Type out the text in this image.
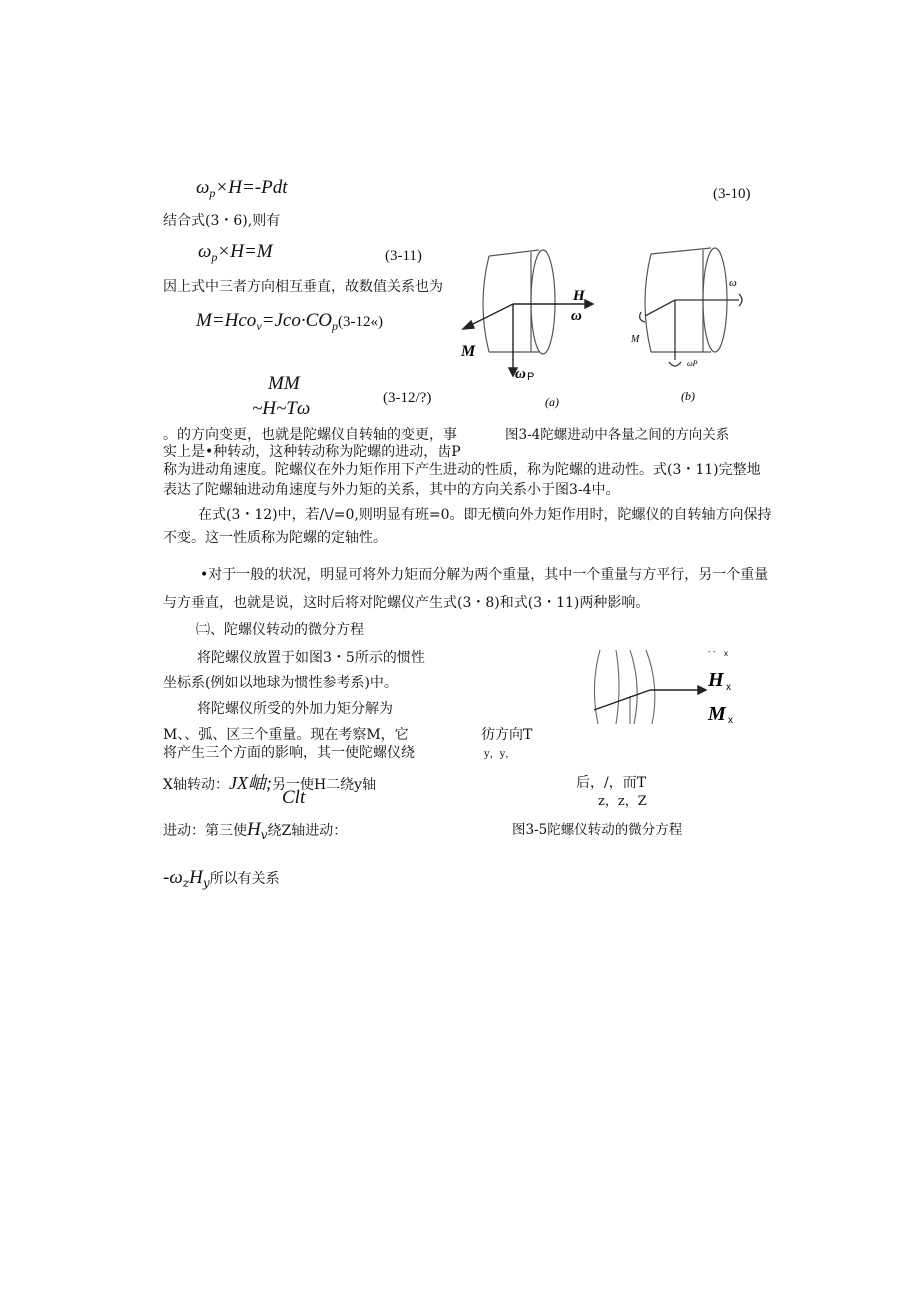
$\omega_p\times H=$-Pdt	(3-10)
结合式(3・6),则有
$\omega_p\times H=M$	(3-11)
因上式中三者方向相互垂直，故数值关系也为
$M=Hco_v=Jco\cdot CO_p(3-12«)$
MM
~H~Tω	(3-12/?)
。的方向变更，也就是陀螺仪自转轴的变更，事
实上是•种转动，这种转动称为陀螺的进动，齿P
称为进动角速度。陀螺仪在外力矩作用下产生进动的性质，称为陀螺的进动性。式(3・11)完整地
表达了陀螺轴进动角速度与外力矩的关系，其中的方向关系小于图3-4中。
在式(3・12)中，若/\/=0,则明显有班=0。即无横向外力矩作用时，陀螺仪的自转轴方向保持
不变。这一性质称为陀螺的定轴性。
•对于一般的状况，明显可将外力矩而分解为两个重量，其中一个重量与方平行，另一个重量
与方垂直，也就是说，这时后将对陀螺仪产生式(3・8)和式(3・11)两种影响。
㈡、陀螺仪转动的微分方程
将陀螺仪放置于如图3・5所示的惯性
坐标系(例如以地球为惯性参考系)中。
将陀螺仪所受的外加力矩分解为
M、、弧、区三个重量。现在考察M，它
将产生三个方面的影响，其一使陀螺仪绕
X轴转动：JX岫;另一使H二绕y轴
Clt
进动：第三使Hv绕Z轴进动：
-ωzHy所以有关系
彷方向T
y，y，
后，/，而T
z，z，Z
图3-5陀螺仪转动的微分方程
H
ω
M
ω P
(a)
ω
M
ωP
(b)
图3-4陀螺进动中各量之间的方向关系
- - x
H x
M x
